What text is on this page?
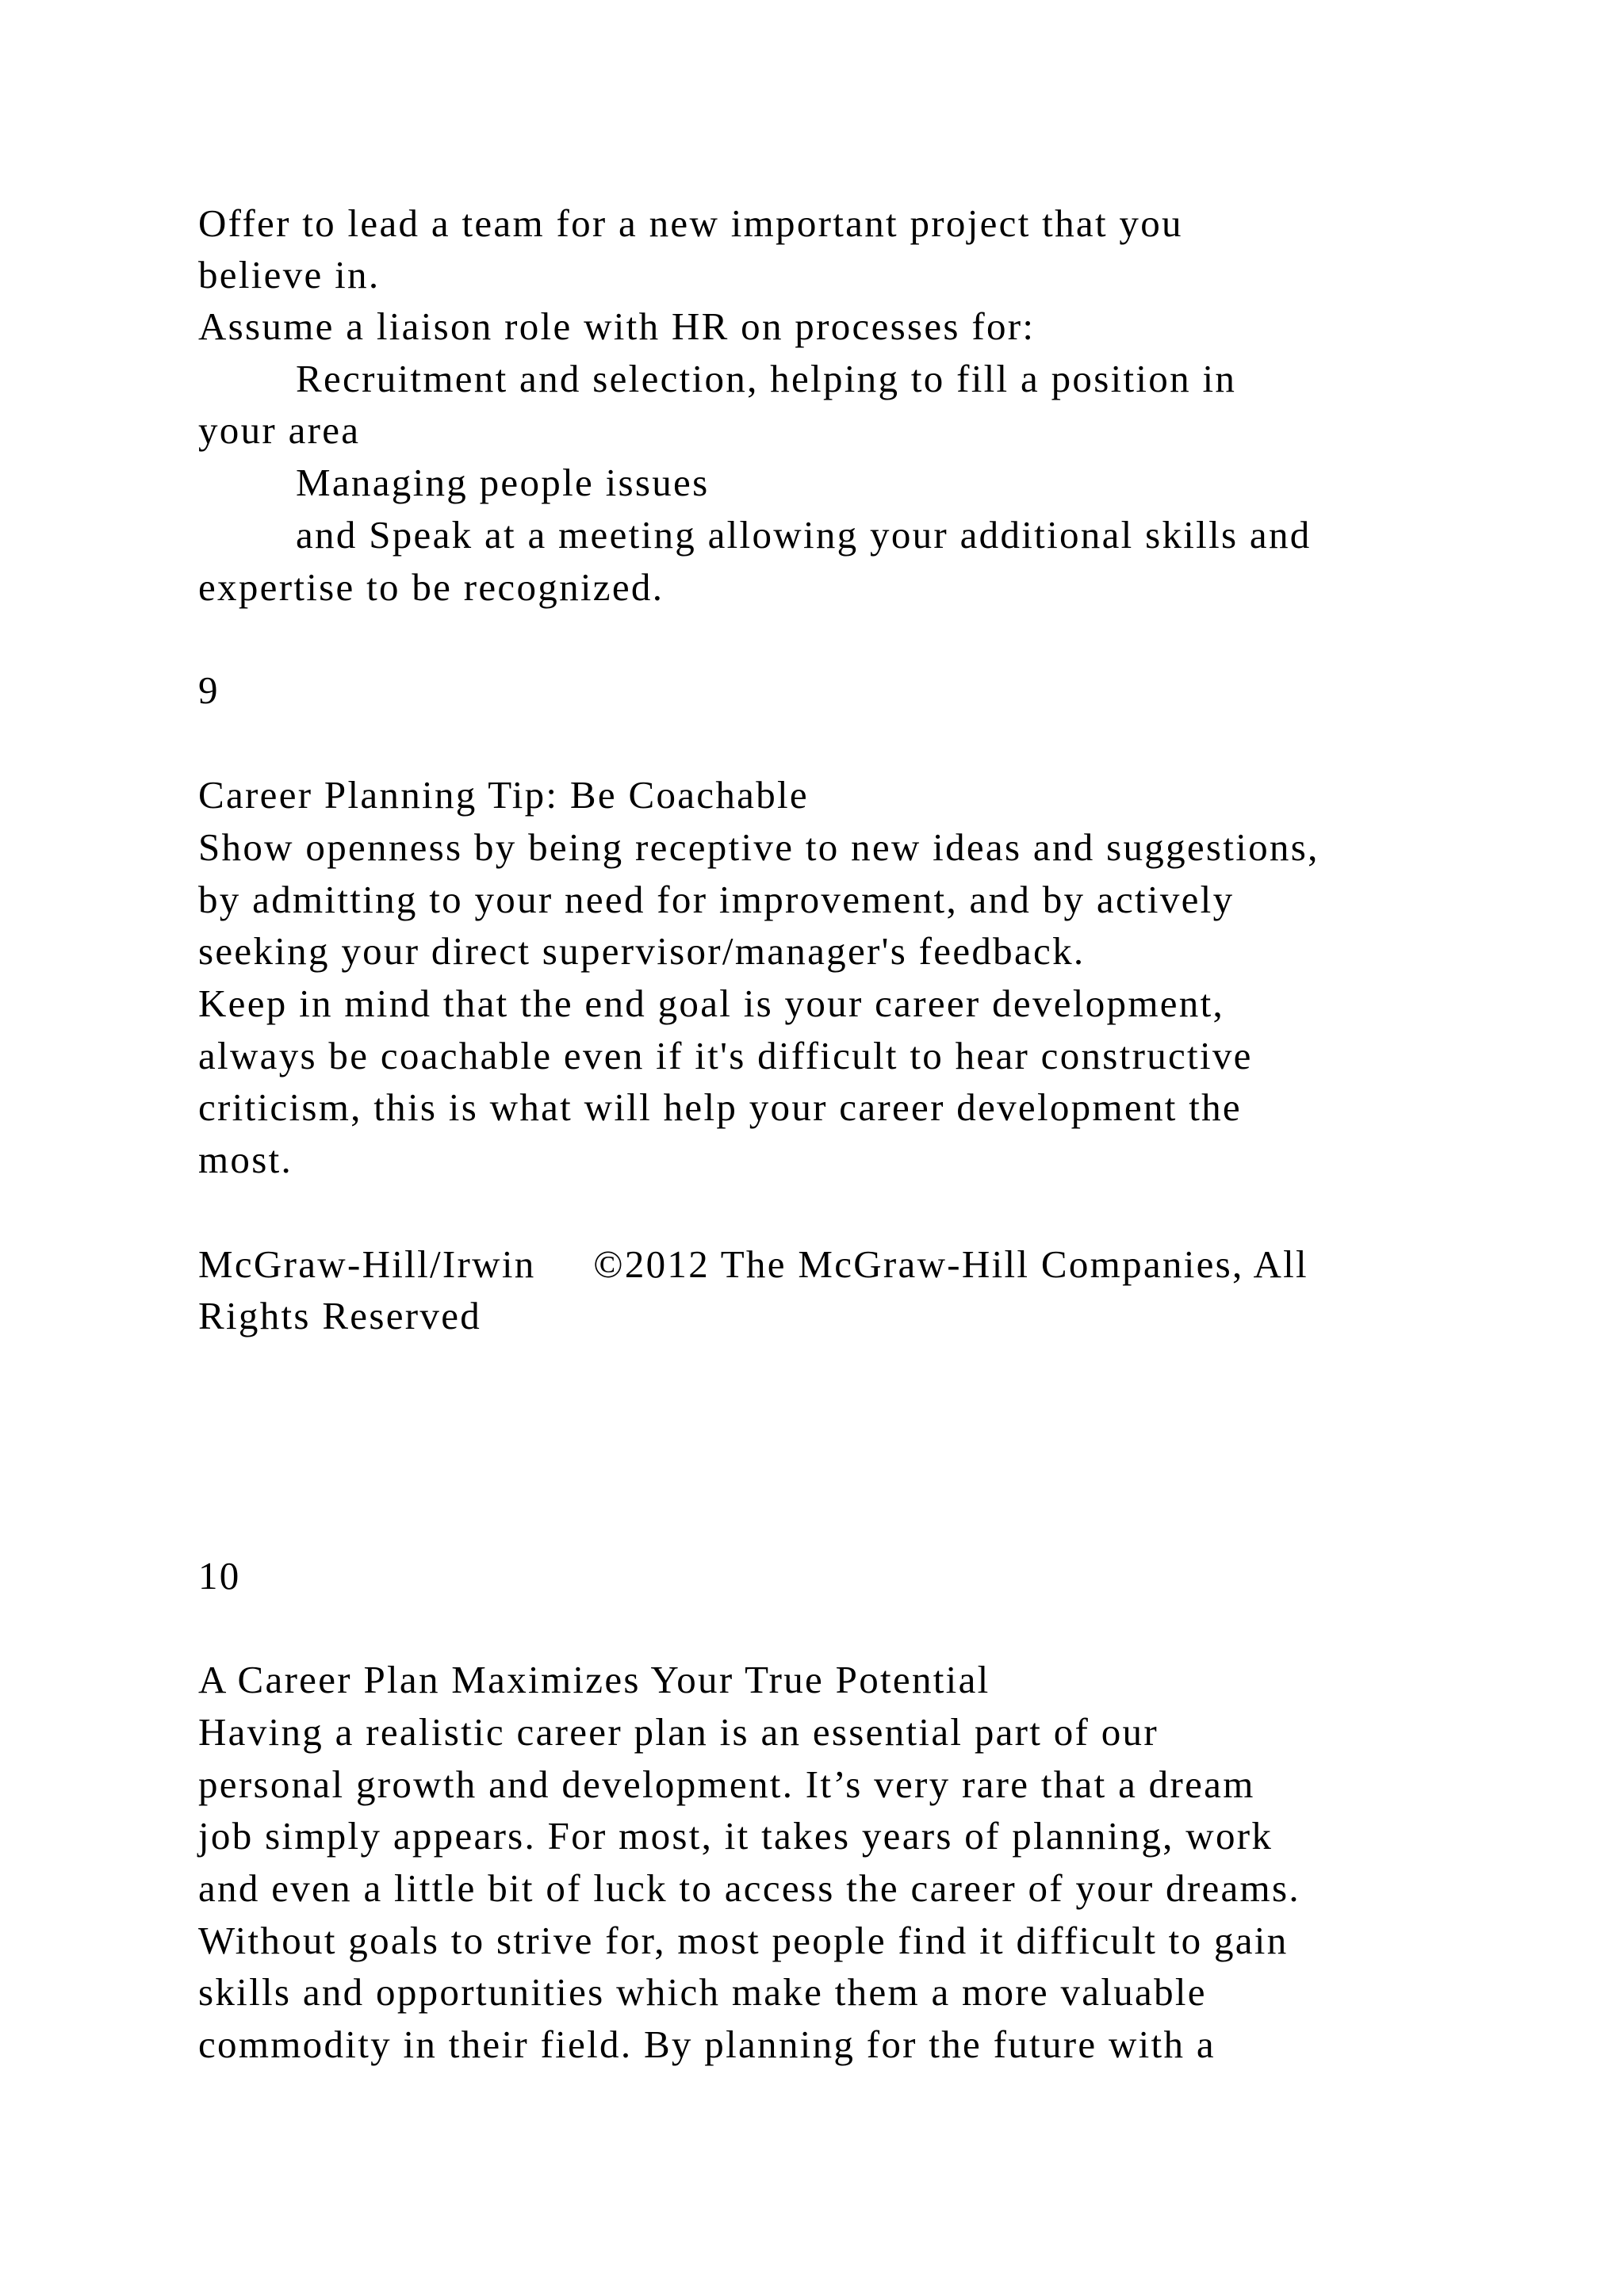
Offer to lead a team for a new important project that you

believe in.

Assume a liaison role with HR on processes for:

Recruitment and selection, helping to fill a position in

your area

Managing people issues

and Speak at a meeting allowing your additional skills and

expertise to be recognized.

9

Career Planning Tip: Be Coachable

Show openness by being receptive to new ideas and suggestions,

by admitting to your need for improvement, and by actively

seeking your direct supervisor/manager's feedback.

Keep in mind that the end goal is your career development,

always be coachable even if it's difficult to hear constructive

criticism, this is what will help your career development the

most.

McGraw-Hill/Irwin     ©2012 The McGraw-Hill Companies, All

Rights Reserved

10

A Career Plan Maximizes Your True Potential

Having a realistic career plan is an essential part of our

personal growth and development. It’s very rare that a dream

job simply appears. For most, it takes years of planning, work

and even a little bit of luck to access the career of your dreams.

Without goals to strive for, most people find it difficult to gain

skills and opportunities which make them a more valuable

commodity in their field. By planning for the future with a
